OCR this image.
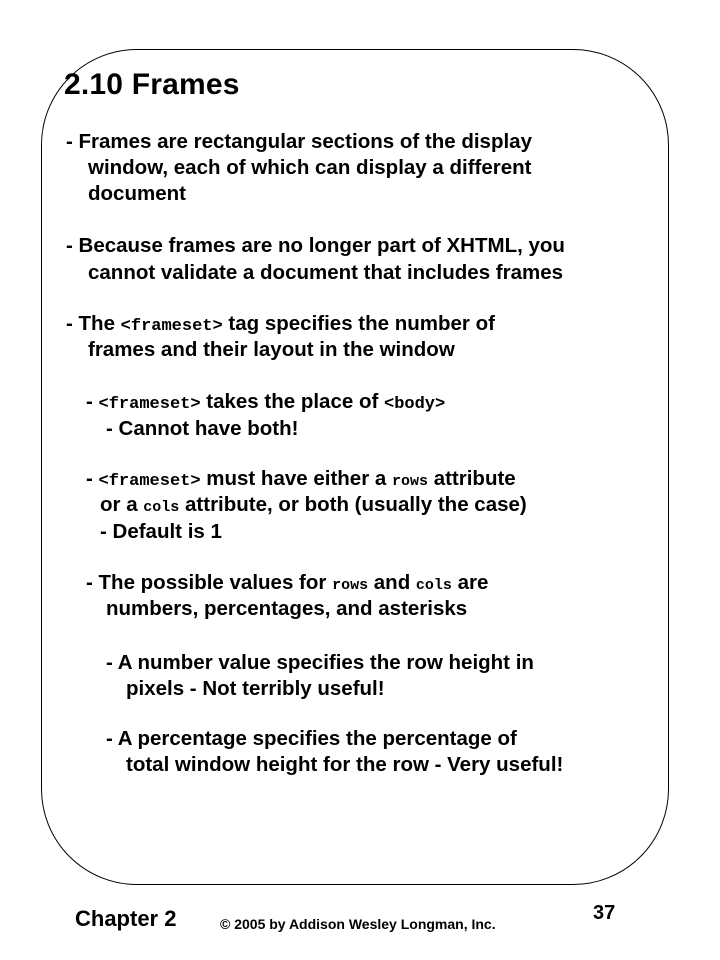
2.10 Frames

- Frames are rectangular sections of the display

window, each of which can display a different

document

- Because frames are no longer part of XHTML, you

cannot validate a document that includes frames

- The <frameset> tag specifies the number of

frames and their layout in the window

- <frameset> takes the place of <body>

- Cannot have both!

- <frameset> must have either a rows attribute

or a cols attribute, or both (usually the case)

- Default is 1

- The possible values for rows and cols are

numbers, percentages, and asterisks

- A number value specifies the row height in

pixels - Not terribly useful!

- A percentage specifies the percentage of

total window height for the row - Very useful!

Chapter 2	© 2005 by Addison Wesley Longman, Inc.	37
